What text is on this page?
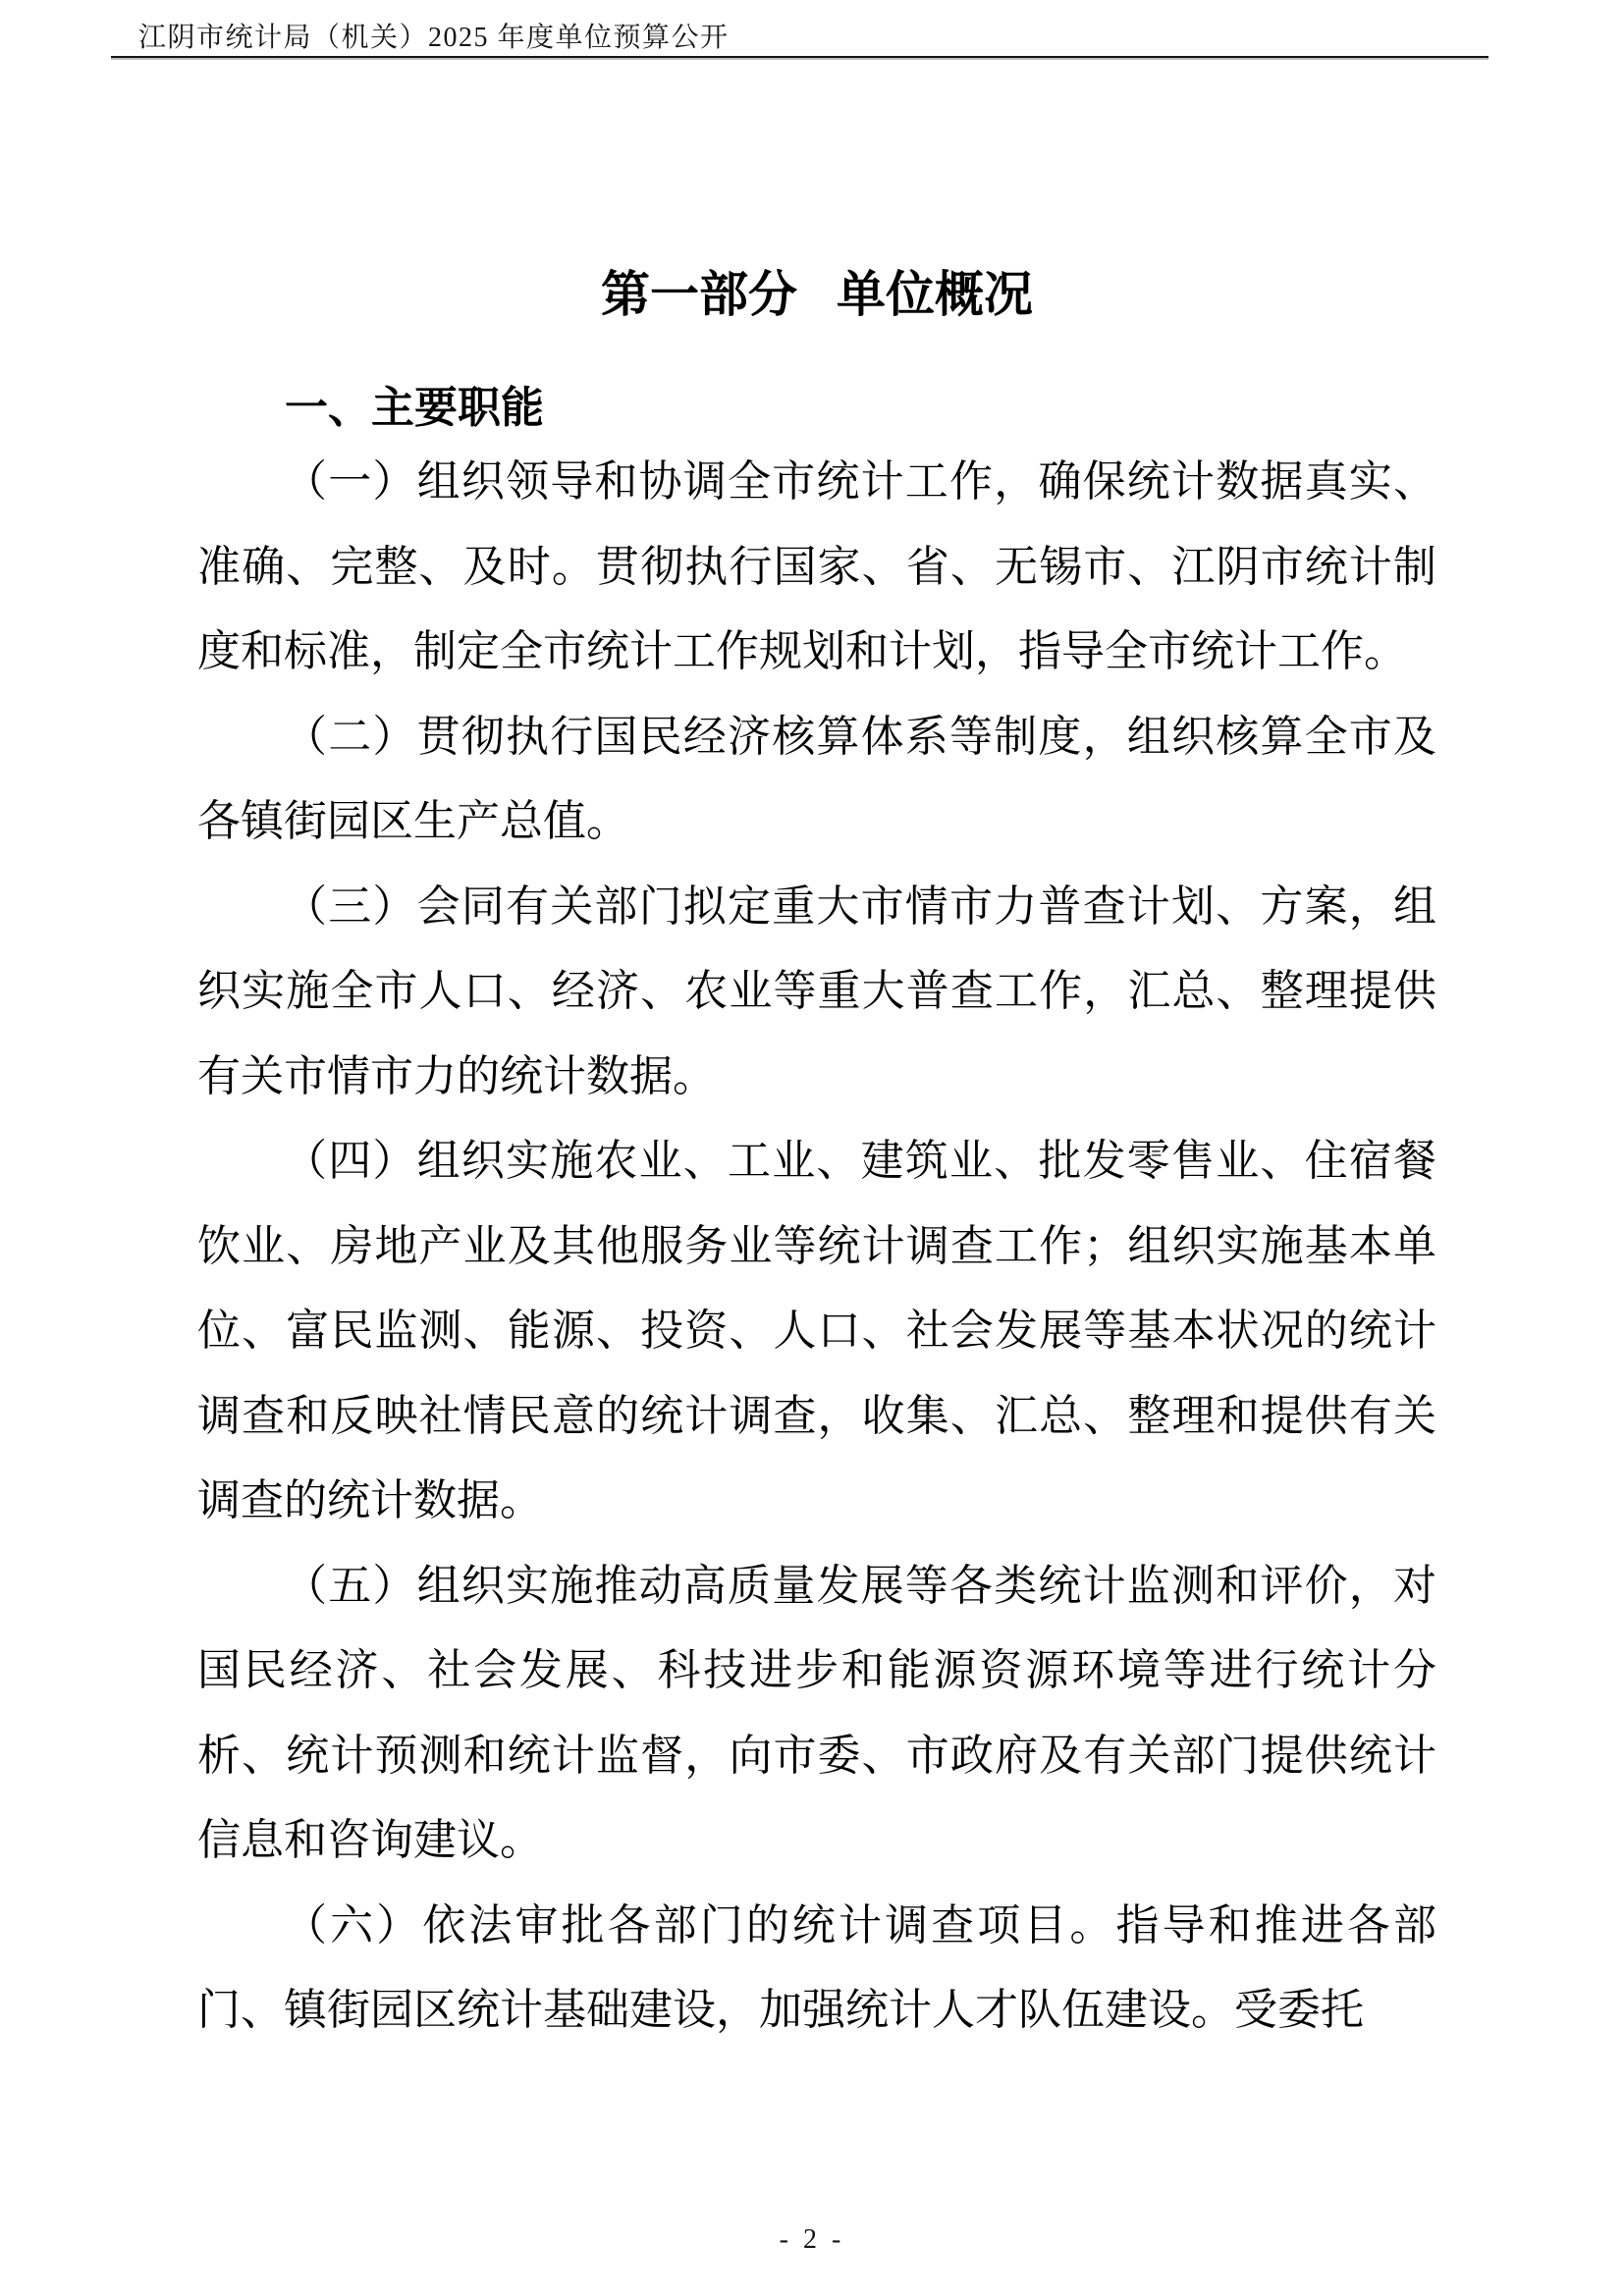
江阴市统计局（机关）2025 年度单位预算公开
第一部分 单位概况
一、主要职能

（一）组织领导和协调全市统计工作，确保统计数据真实、准确、完整、及时。贯彻执行国家、省、无锡市、江阴市统计制度和标准，制定全市统计工作规划和计划，指导全市统计工作。

（二）贯彻执行国民经济核算体系等制度，组织核算全市及各镇街园区生产总值。

（三）会同有关部门拟定重大市情市力普查计划、方案，组织实施全市人口、经济、农业等重大普查工作，汇总、整理提供有关市情市力的统计数据。

（四）组织实施农业、工业、建筑业、批发零售业、住宿餐饮业、房地产业及其他服务业等统计调查工作；组织实施基本单位、富民监测、能源、投资、人口、社会发展等基本状况的统计调查和反映社情民意的统计调查，收集、汇总、整理和提供有关调查的统计数据。

（五）组织实施推动高质量发展等各类统计监测和评价，对国民经济、社会发展、科技进步和能源资源环境等进行统计分析、统计预测和统计监督，向市委、市政府及有关部门提供统计信息和咨询建议。

（六）依法审批各部门的统计调查项目。指导和推进各部门、镇街园区统计基础建设，加强统计人才队伍建设。受委托

- 2 -
